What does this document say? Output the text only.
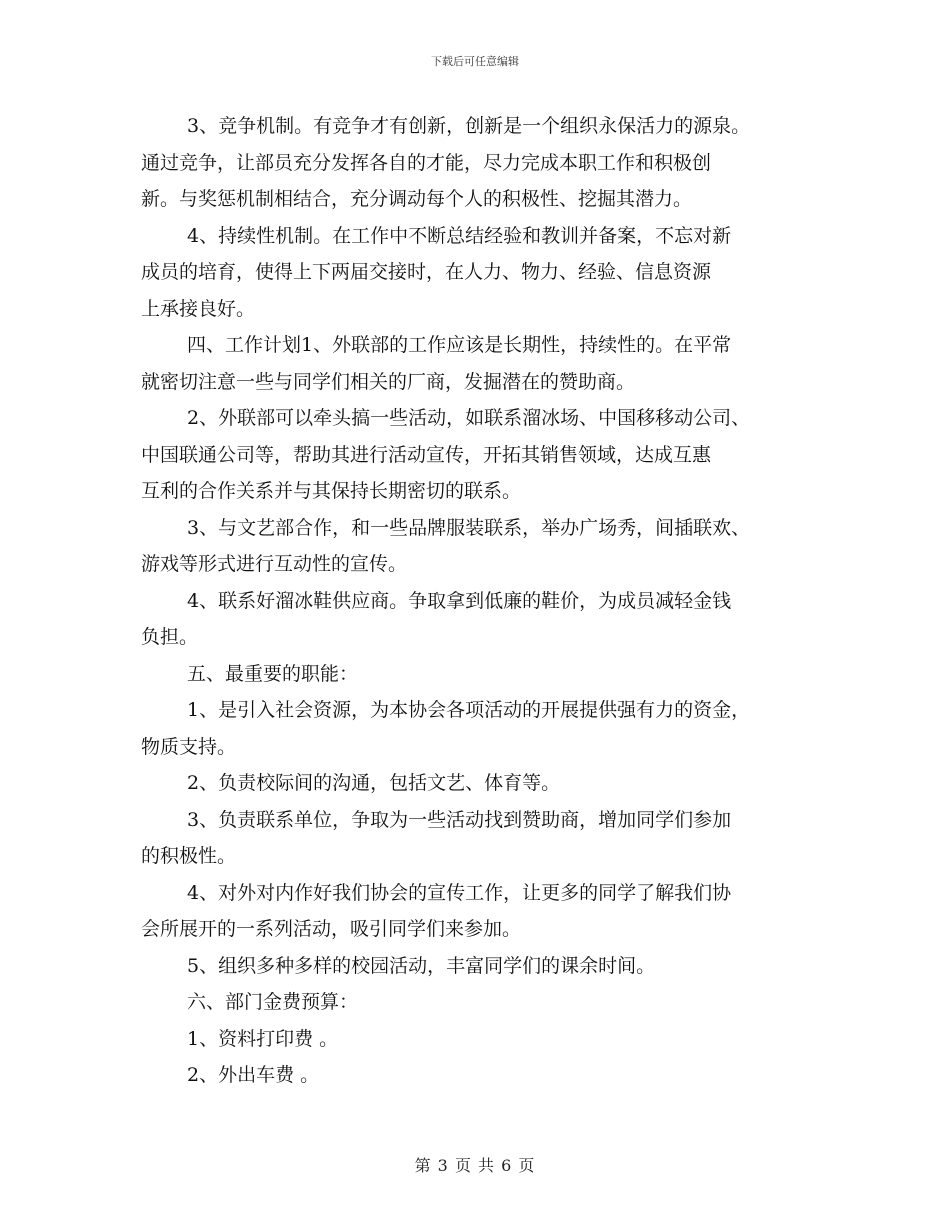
下载后可任意编辑
3、竞争机制。有竞争才有创新，创新是一个组织永保活力的源泉。
通过竞争，让部员充分发挥各自的才能，尽力完成本职工作和积极创
新。与奖惩机制相结合，充分调动每个人的积极性、挖掘其潜力。
4、持续性机制。在工作中不断总结经验和教训并备案，不忘对新
成员的培育，使得上下两届交接时，在人力、物力、经验、信息资源
上承接良好。
四、工作计划1、外联部的工作应该是长期性，持续性的。在平常
就密切注意一些与同学们相关的厂商，发掘潜在的赞助商。
2、外联部可以牵头搞一些活动，如联系溜冰场、中国移移动公司、
中国联通公司等，帮助其进行活动宣传，开拓其销售领域，达成互惠
互利的合作关系并与其保持长期密切的联系。
3、与文艺部合作，和一些品牌服装联系，举办广场秀，间插联欢、
游戏等形式进行互动性的宣传。
4、联系好溜冰鞋供应商。争取拿到低廉的鞋价，为成员减轻金钱
负担。
五、最重要的职能：
1、是引入社会资源，为本协会各项活动的开展提供强有力的资金，
物质支持。
2、负责校际间的沟通，包括文艺、体育等。
3、负责联系单位，争取为一些活动找到赞助商，增加同学们参加
的积极性。
4、对外对内作好我们协会的宣传工作，让更多的同学了解我们协
会所展开的一系列活动，吸引同学们来参加。
5、组织多种多样的校园活动，丰富同学们的课余时间。
六、部门金费预算：
1、资料打印费 。
2、外出车费 。
第 3 页 共 6 页
